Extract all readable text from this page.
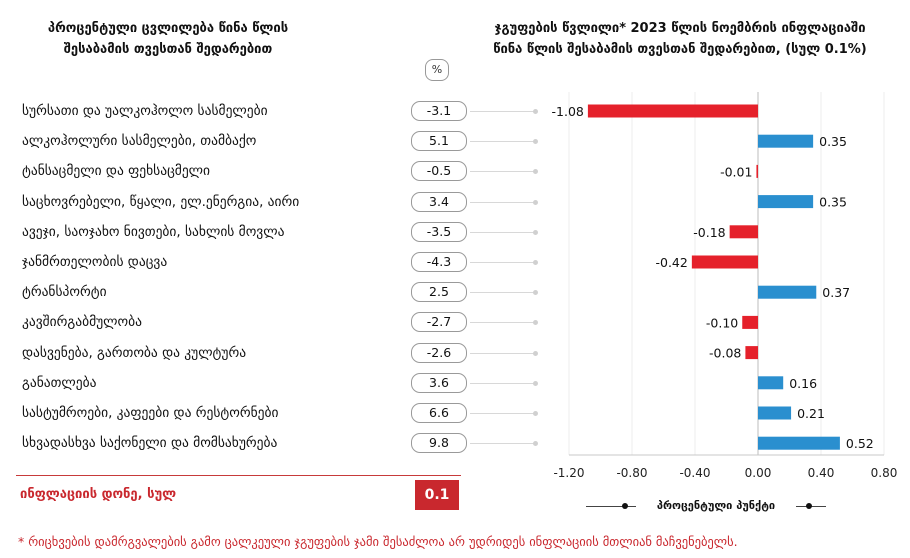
პროცენტული ცვლილება წინა წლის
შესაბამის თვესთან შედარებით
ჯგუფების წვლილი* 2023 წლის ნოემბრის ინფლაციაში
წინა წლის შესაბამის თვესთან შედარებით, (სულ 0.1%)
%
სურსათი და უალკოჰოლო სასმელები	-3.1
ალკოჰოლური სასმელები, თამბაქო	5.1
ტანსაცმელი და ფეხსაცმელი	-0.5
საცხოვრებელი, წყალი, ელ.ენერგია, აირი	3.4
ავეჯი, საოჯახო ნივთები, სახლის მოვლა	-3.5
ჯანმრთელობის დაცვა	-4.3
ტრანსპორტი	2.5
კავშირგაბმულობა	-2.7
დასვენება, გართობა და კულტურა	-2.6
განათლება	3.6
სასტუმროები, კაფეები და რესტორნები	6.6
სხვადასხვა საქონელი და მომსახურება	9.8
-1.20	-0.80	-0.40	0.00	0.40	0.80
-1.08
0.35
-0.01
0.35
-0.18
-0.42
0.37
-0.10
-0.08
0.16
0.21
0.52
პროცენტული პუნქტი
ინფლაციის დონე, სულ	0.1
* რიცხვების დამრგვალების გამო ცალკეული ჯგუფების ჯამი შესაძლოა არ უდრიდეს ინფლაციის მთლიან მაჩვენებელს.
